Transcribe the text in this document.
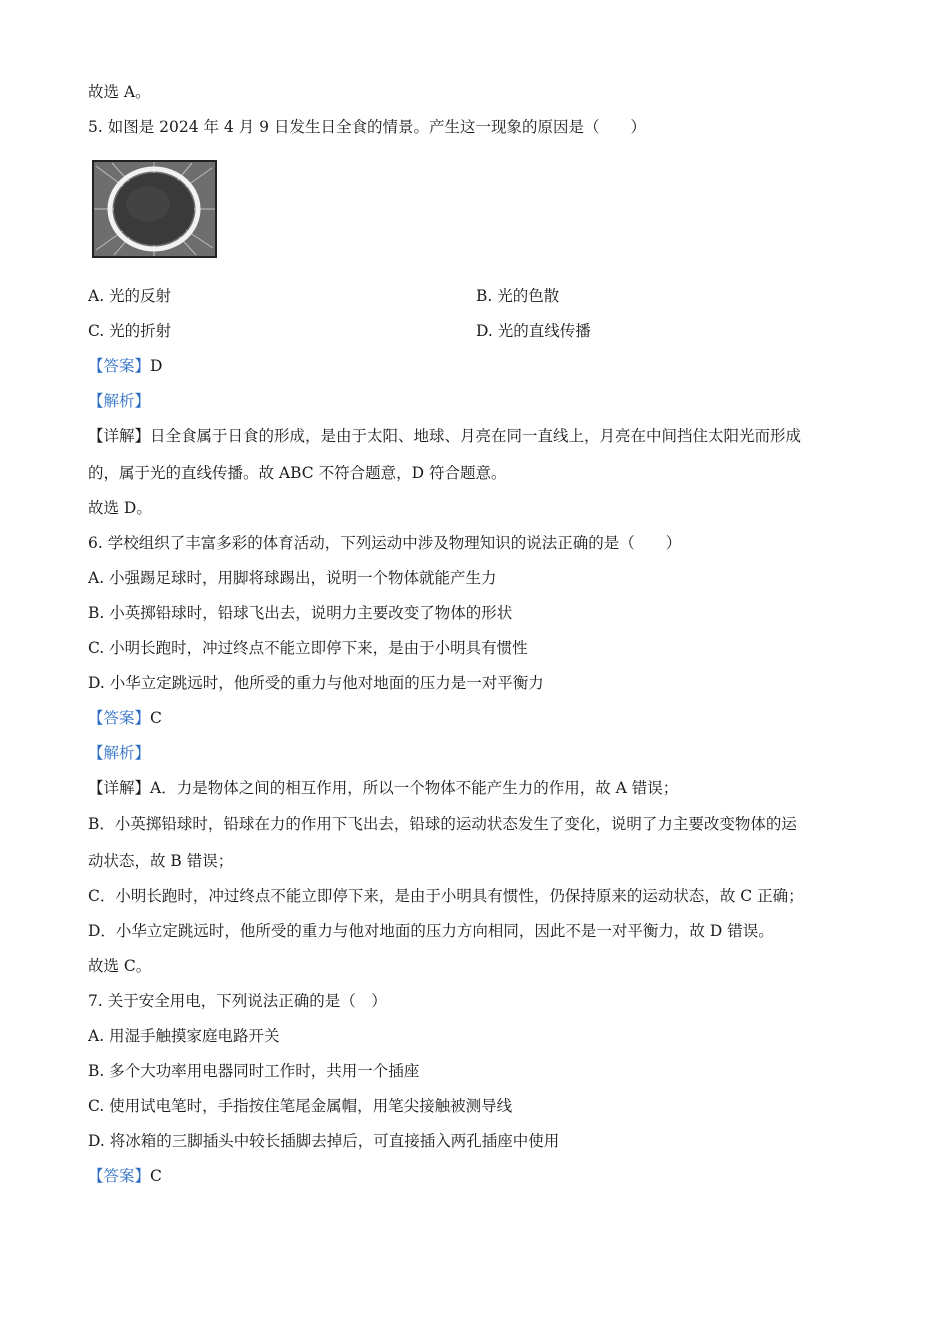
故选 A。
5. 如图是 2024 年 4 月 9 日发生日全食的情景。产生这一现象的原因是（　　）
A. 光的反射	B. 光的色散
C. 光的折射	D. 光的直线传播
【答案】D
【解析】
【详解】日全食属于日食的形成，是由于太阳、地球、月亮在同一直线上，月亮在中间挡住太阳光而形成
的，属于光的直线传播。故 ABC 不符合题意，D 符合题意。
故选 D。
6. 学校组织了丰富多彩的体育活动，下列运动中涉及物理知识的说法正确的是（　　）
A. 小强踢足球时，用脚将球踢出，说明一个物体就能产生力
B. 小英掷铅球时，铅球飞出去，说明力主要改变了物体的形状
C. 小明长跑时，冲过终点不能立即停下来，是由于小明具有惯性
D. 小华立定跳远时，他所受的重力与他对地面的压力是一对平衡力
【答案】C
【解析】
【详解】A．力是物体之间的相互作用，所以一个物体不能产生力的作用，故 A 错误；
B．小英掷铅球时，铅球在力的作用下飞出去，铅球的运动状态发生了变化，说明了力主要改变物体的运
动状态，故 B 错误；
C．小明长跑时，冲过终点不能立即停下来，是由于小明具有惯性，仍保持原来的运动状态，故 C 正确；
D．小华立定跳远时，他所受的重力与他对地面的压力方向相同，因此不是一对平衡力，故 D 错误。
故选 C。
7. 关于安全用电，下列说法正确的是（　）
A. 用湿手触摸家庭电路开关
B. 多个大功率用电器同时工作时，共用一个插座
C. 使用试电笔时，手指按住笔尾金属帽，用笔尖接触被测导线
D. 将冰箱的三脚插头中较长插脚去掉后，可直接插入两孔插座中使用
【答案】C
